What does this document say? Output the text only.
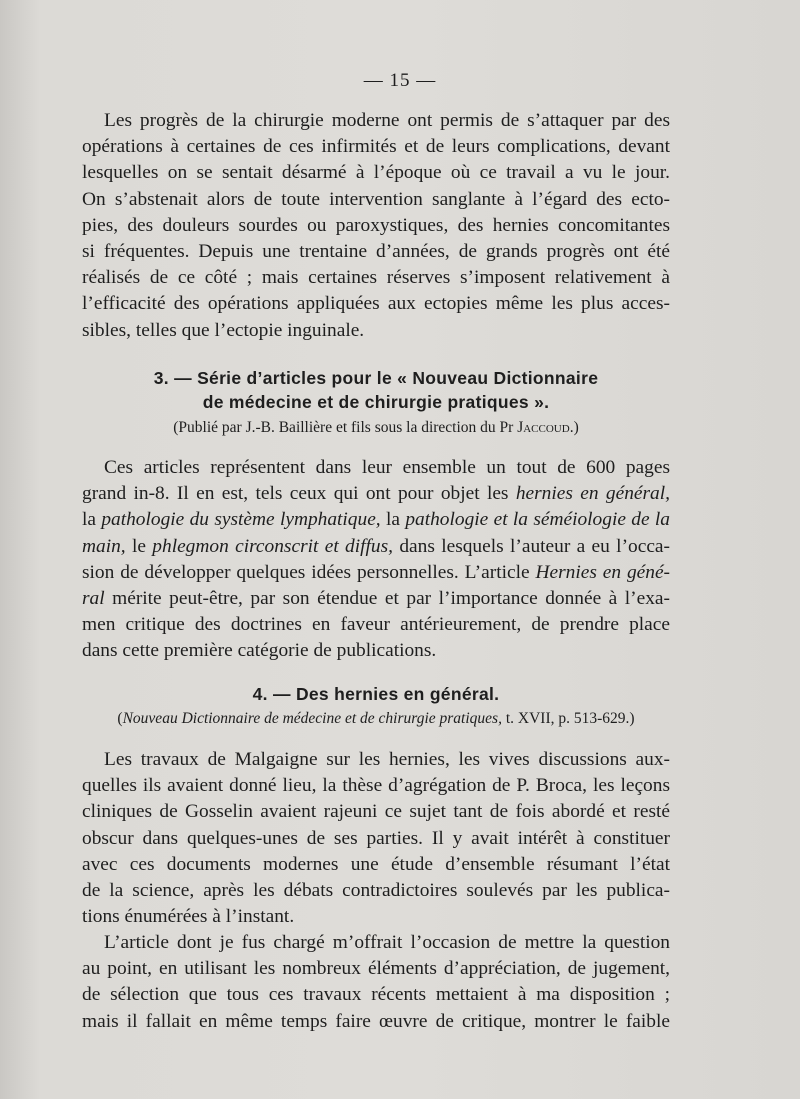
— 15 —
Les progrès de la chirurgie moderne ont permis de s’attaquer par des
opérations à certaines de ces infirmités et de leurs complications, devant
lesquelles on se sentait désarmé à l’époque où ce travail a vu le jour.
On s’abstenait alors de toute intervention sanglante à l’égard des ecto-
pies, des douleurs sourdes ou paroxystiques, des hernies concomitantes
si fréquentes. Depuis une trentaine d’années, de grands progrès ont été
réalisés de ce côté ; mais certaines réserves s’imposent relativement à
l’efficacité des opérations appliquées aux ectopies même les plus acces-
sibles, telles que l’ectopie inguinale.
3. — Série d’articles pour le « Nouveau Dictionnaire
de médecine et de chirurgie pratiques ».
(Publié par J.-B. Baillière et fils sous la direction du Pr Jaccoud.)
Ces articles représentent dans leur ensemble un tout de 600 pages
grand in-8. Il en est, tels ceux qui ont pour objet les hernies en général,
la pathologie du système lymphatique, la pathologie et la séméiologie de la
main, le phlegmon circonscrit et diffus, dans lesquels l’auteur a eu l’occa-
sion de développer quelques idées personnelles. L’article Hernies en géné-
ral mérite peut-être, par son étendue et par l’importance donnée à l’exa-
men critique des doctrines en faveur antérieurement, de prendre place
dans cette première catégorie de publications.
4. — Des hernies en général.
(Nouveau Dictionnaire de médecine et de chirurgie pratiques, t. XVII, p. 513-629.)
Les travaux de Malgaigne sur les hernies, les vives discussions aux-
quelles ils avaient donné lieu, la thèse d’agrégation de P. Broca, les leçons
cliniques de Gosselin avaient rajeuni ce sujet tant de fois abordé et resté
obscur dans quelques-unes de ses parties. Il y avait intérêt à constituer
avec ces documents modernes une étude d’ensemble résumant l’état
de la science, après les débats contradictoires soulevés par les publica-
tions énumérées à l’instant.
L’article dont je fus chargé m’offrait l’occasion de mettre la question
au point, en utilisant les nombreux éléments d’appréciation, de jugement,
de sélection que tous ces travaux récents mettaient à ma disposition ;
mais il fallait en même temps faire œuvre de critique, montrer le faible
